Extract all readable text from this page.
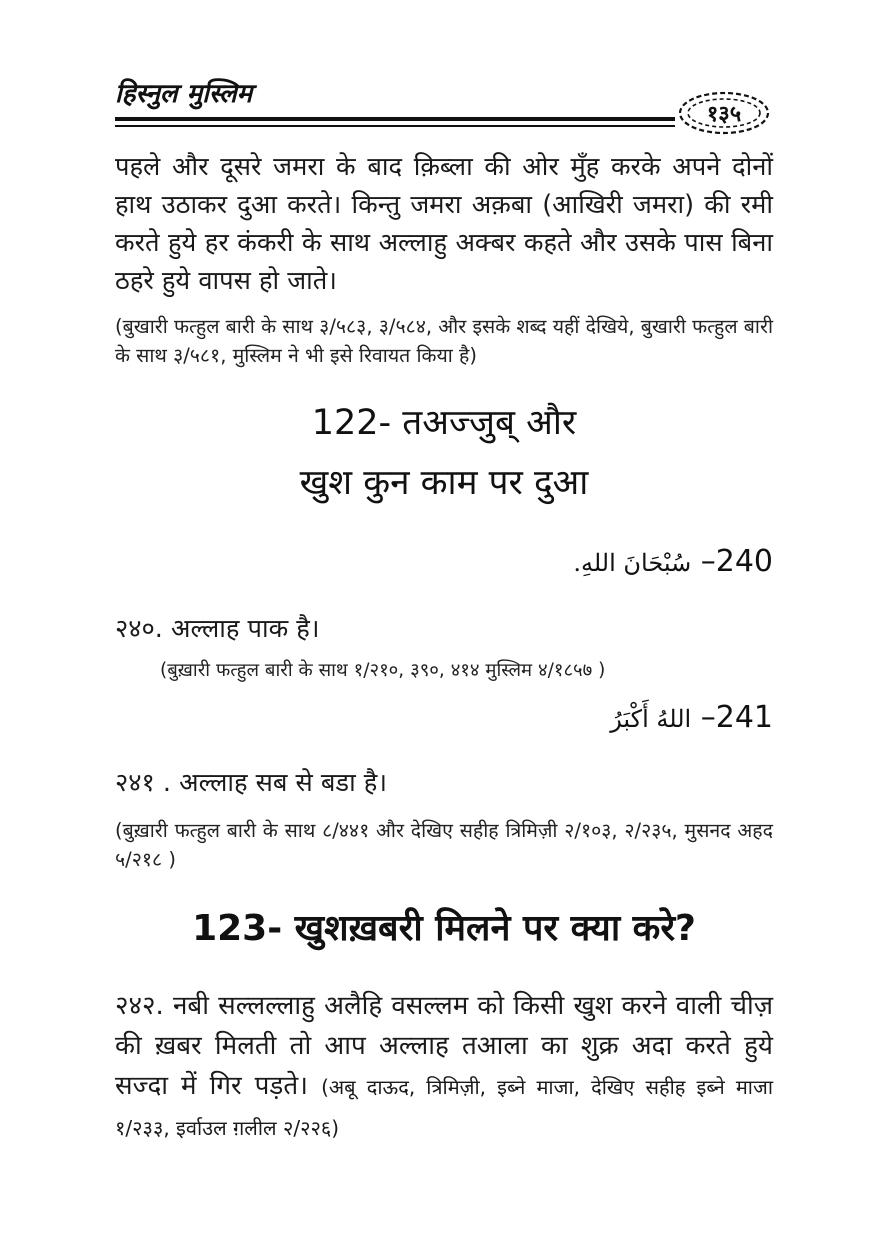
हिस्नुल मुस्लिम
१३५

पहले और दूसरे जमरा के बाद क़िब्ला की ओर मुँह करके अपने दोनों हाथ उठाकर दुआ करते। किन्तु जमरा अक़बा (आखिरी जमरा) की रमी करते हुये हर कंकरी के साथ अल्लाहु अक्बर कहते और उसके पास बिना ठहरे हुये वापस हो जाते।

(बुखारी फत्हुल बारी के साथ ३/५८३, ३/५८४, और इसके शब्द यहीं देखिये, बुखारी फत्हुल बारी के साथ ३/५८१, मुस्लिम ने भी इसे रिवायत किया है)

122- तअज्जुब् और
खुश कुन काम पर दुआ
سُبْحَانَ اللهِ. –240

२४०. अल्लाह पाक है।

(बुख़ारी फत्हुल बारी के साथ १/२१०, ३९०, ४१४ मुस्लिम ४/१८५७ )

اللهُ أَكْبَرُ –241

२४१ . अल्लाह सब से बडा है।

(बुख़ारी फत्हुल बारी के साथ ८/४४१ और देखिए सहीह त्रिमिज़ी २/१०३, २/२३५, मुसनद अहद ५/२१८ )

123- खुशख़बरी मिलने पर क्या करे?

२४२. नबी सल्लल्लाहु अलैहि वसल्लम को किसी खुश करने वाली चीज़ की ख़बर मिलती तो आप अल्लाह तआला का शुक्र अदा करते हुये सज्दा में गिर पड़ते। (अबू दाऊद, त्रिमिज़ी, इब्ने माजा, देखिए सहीह इब्ने माजा १/२३३, इर्वाउल ग़लील २/२२६)
